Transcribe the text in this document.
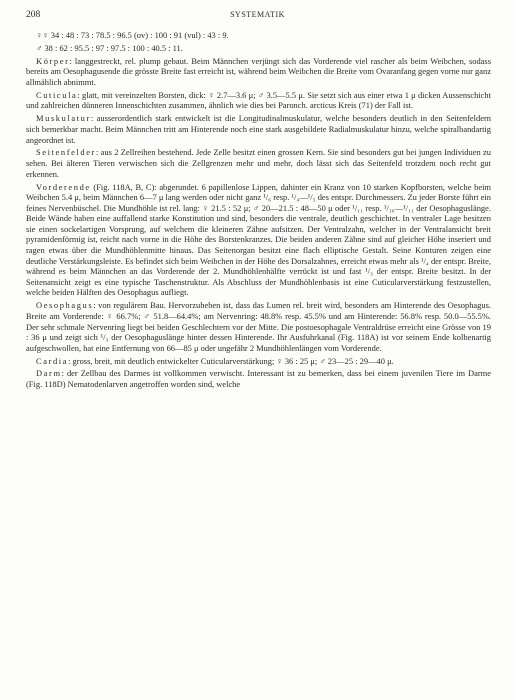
208	SYSTEMATIK

♀♀ 34 : 48 : 73 : 78.5 : 96.5 (ov) : 100 : 91 (vul) : 43 : 9.

♂ 38 : 62 : 95.5 : 97 : 97.5 : 100 : 40.5 : 11.

Körper: langgestreckt, rel. plump gebaut. Beim Männchen verjüngt sich das Vorderende viel rascher als beim Weibchen, sodass bereits am Oesophagusende die grösste Breite fast erreicht ist, während beim Weibchen die Breite vom Ovaranfang gegen vorne nur ganz allmählich abnimmt.

Cuticula: glatt, mit vereinzelten Borsten, dick: ♀ 2.7—3.6 μ; ♂ 3.5—5.5 μ. Sie setzt sich aus einer etwa 1 μ dicken Aussenschicht und zahlreichen dünneren Innenschichten zusammen, ähnlich wie dies bei Paronch. arcticus Kreis (71) der Fall ist.

Muskulatur: ausserordentlich stark entwickelt ist die Longitudinalmuskulatur, welche besonders deutlich in den Seitenfeldern sich bemerkbar macht. Beim Männchen tritt am Hinterende noch eine stark ausgebildete Radialmuskulatur hinzu, welche spiralbandartig angeordnet ist.

Seitenfelder: aus 2 Zellreihen bestehend. Jede Zelle besitzt einen grossen Kern. Sie sind besonders gut bei jungen Individuen zu sehen. Bei älteren Tieren verwischen sich die Zellgrenzen mehr und mehr, doch lässt sich das Seitenfeld trotzdem noch recht gut erkennen.

Vorderende (Fig. 118A, B, C): abgerundet. 6 papillenlose Lippen, dahinter ein Kranz von 10 starken Kopfborsten, welche beim Weibchen 5.4 μ, beim Männchen 6—7 μ lang werden oder nicht ganz ¹/₆ resp. ¹/₄—¹/₅ des entspr. Durchmessers. Zu jeder Borste führt ein feines Nervenbüschel. Die Mundhöhle ist rel. lang: ♀ 21.5 : 52 μ; ♂ 20—21.5 : 48—50 μ oder ¹/₁₁ resp. ¹/₁₆—¹/₁₁ der Oesophaguslänge. Beide Wände haben eine auffallend starke Konstitution und sind, besonders die ventrale, deutlich geschichtet. In ventraler Lage besitzen sie einen sockelartigen Vorsprung, auf welchem die kleineren Zähne aufsitzen. Der Ventralzahn, welcher in der Ventralansicht breit pyramidenförmig ist, reicht nach vorne in die Höhe des Borstenkranzes. Die beiden anderen Zähne sind auf gleicher Höhe inseriert und ragen etwas über die Mundhöhlenmitte hinaus. Das Seitenorgan besitzt eine flach elliptische Gestalt. Seine Konturen zeigen eine deutliche Verstärkungsleiste. Es befindet sich beim Weibchen in der Höhe des Dorsalzahnes, erreicht etwas mehr als ¹/₄ der entspr. Breite, während es beim Männchen an das Vorderende der 2. Mundhöhlenhälfte verrückt ist und fast ¹/₃ der entspr. Breite besitzt. In der Seitenansicht zeigt es eine typische Taschenstruktur. Als Abschluss der Mundhöhlenbasis ist eine Cuticularverstärkung festzustellen, welche beiden Hälften des Oesophagus aufliegt.

Oesophagus: von regulärem Bau. Hervorzuheben ist, dass das Lumen rel. breit wird, besonders am Hinterende des Oesophagus. Breite am Vorderende: ♀ 66.7%; ♂ 51.8—64.4%; am Nervenring: 48.8% resp. 45.5% und am Hinterende: 56.8% resp. 50.0—55.5%. Der sehr schmale Nervenring liegt bei beiden Geschlechtern vor der Mitte. Die postoesophagale Ventraldrüse erreicht eine Grösse von 19 : 36 μ und zeigt sich ¹/₃ der Oesophaguslänge hinter dessen Hinterende. Ihr Ausfuhrkanal (Fig. 118A) ist vor seinem Ende kolbenartig aufgeschwollen, hat eine Entfernung von 66—85 μ oder ungefähr 2 Mundhöhlenlängen vom Vorderende.

Cardia: gross, breit, mit deutlich entwickelter Cuticularverstärkung; ♀ 36 : 25 μ; ♂ 23—25 : 29—40 μ.

Darm: der Zellbau des Darmes ist vollkommen verwischt. Interessant ist zu bemerken, dass bei einem juvenilen Tiere im Darme (Fig. 118D) Nematodenlarven angetroffen worden sind, welche
